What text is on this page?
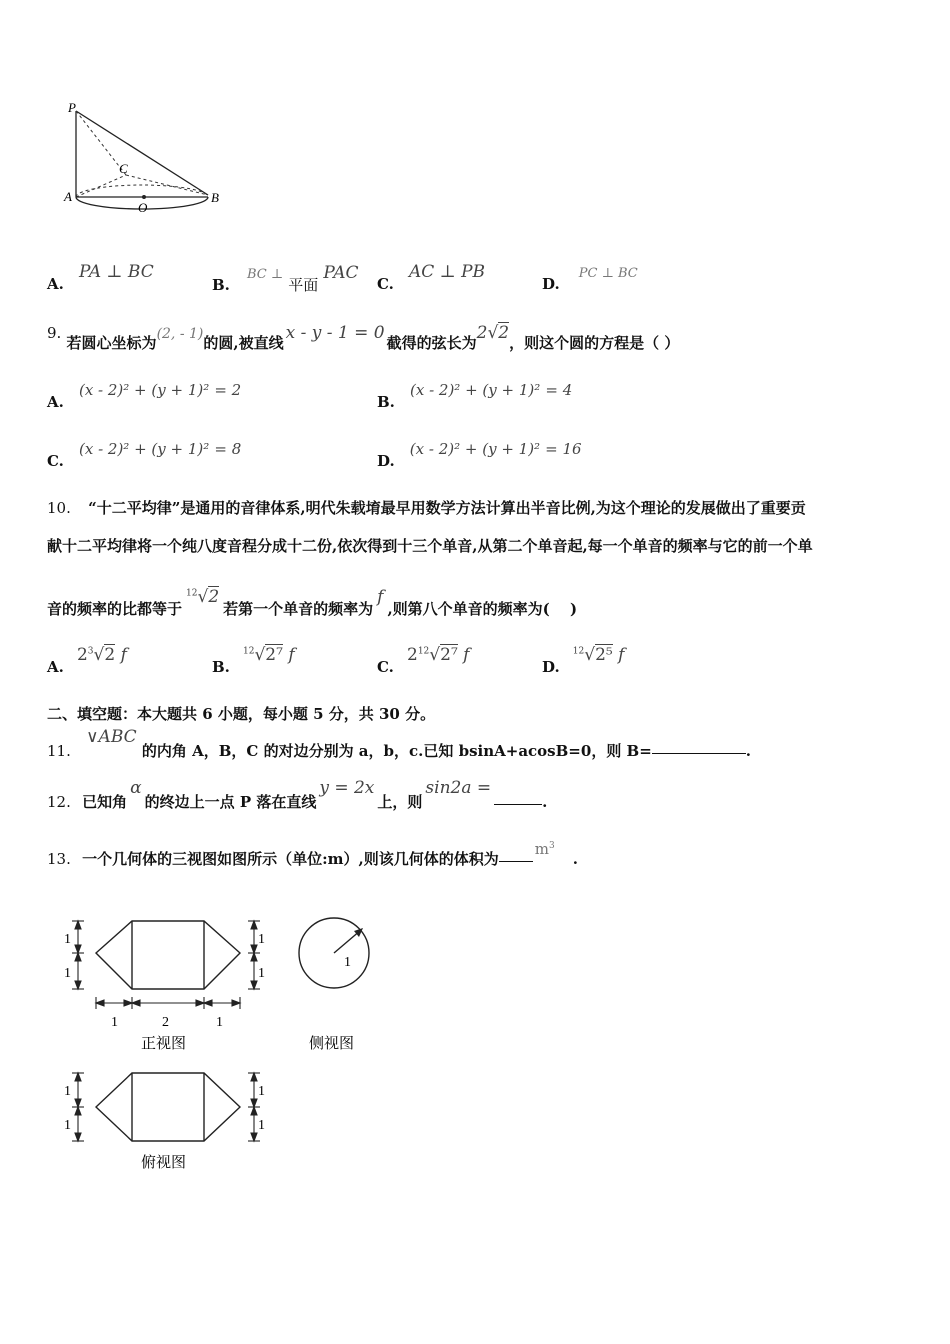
P
C
A
O
B
A. PA ⊥ BC
B. BC ⊥ 平面 PAC
C. AC ⊥ PB
D. PC ⊥ BC
9. 若圆心坐标为(2, - 1)的圆,被直线 x - y - 1 = 0 截得的弦长为2√2，则这个圆的方程是（ ）
A. (x - 2)² + (y + 1)² = 2
B. (x - 2)² + (y + 1)² = 4
C. (x - 2)² + (y + 1)² = 8
D. (x - 2)² + (y + 1)² = 16
10. “十二平均律”是通用的音律体系,明代朱载堉最早用数学方法计算出半音比例,为这个理论的发展做出了重要贡
献十二平均律将一个纯八度音程分成十二份,依次得到十三个单音,从第二个单音起,每一个单音的频率与它的前一个单
音的频率的比都等于$^{12}$√2若第一个单音的频率为f,则第八个单音的频率为(　 )
A. $2^3√2$ f
B. $^{12}$√2⁷ f
C. $2^{12}√2^7$ f
D. $^{12}$√2⁵ f
二、填空题：本大题共 6 小题，每小题 5 分，共 30 分。
11. ∨ABC 的内角 A，B，C 的对边分别为 a，b，c.已知 bsinA+acosB=0，则 B=	.
12. 已知角α的终边上一点 P 落在直线y = 2x上，则sin2a =.
13. 一个几何体的三视图如图所示（单位:m）,则该几何体的体积为$m^3$.
1
1
1
1
1	2	1
正视图
1
侧视图
1
1
1
1
俯视图
